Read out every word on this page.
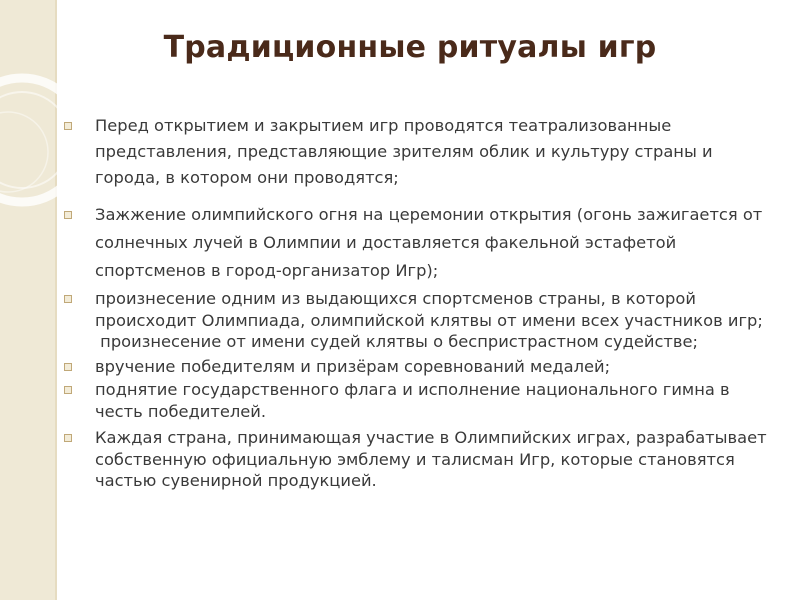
Традиционные ритуалы игр
Перед открытием и закрытием игр проводятся театрализованные представления, представляющие зрителям облик и культуру страны и города, в котором они проводятся;
Зажжение олимпийского огня на церемонии открытия (огонь зажигается от солнечных лучей в Олимпии и доставляется факельной эстафетой спортсменов в город-организатор Игр);
произнесение одним из выдающихся спортсменов страны, в которой происходит Олимпиада, олимпийской клятвы от имени всех участников игр;
произнесение от имени судей клятвы о беспристрастном судействе;
вручение победителям и призёрам соревнований медалей;
поднятие государственного флага и исполнение национального гимна в честь победителей.
Каждая страна, принимающая участие в Олимпийских играх, разрабатывает собственную официальную эмблему и талисман Игр, которые становятся частью сувенирной продукцией.
